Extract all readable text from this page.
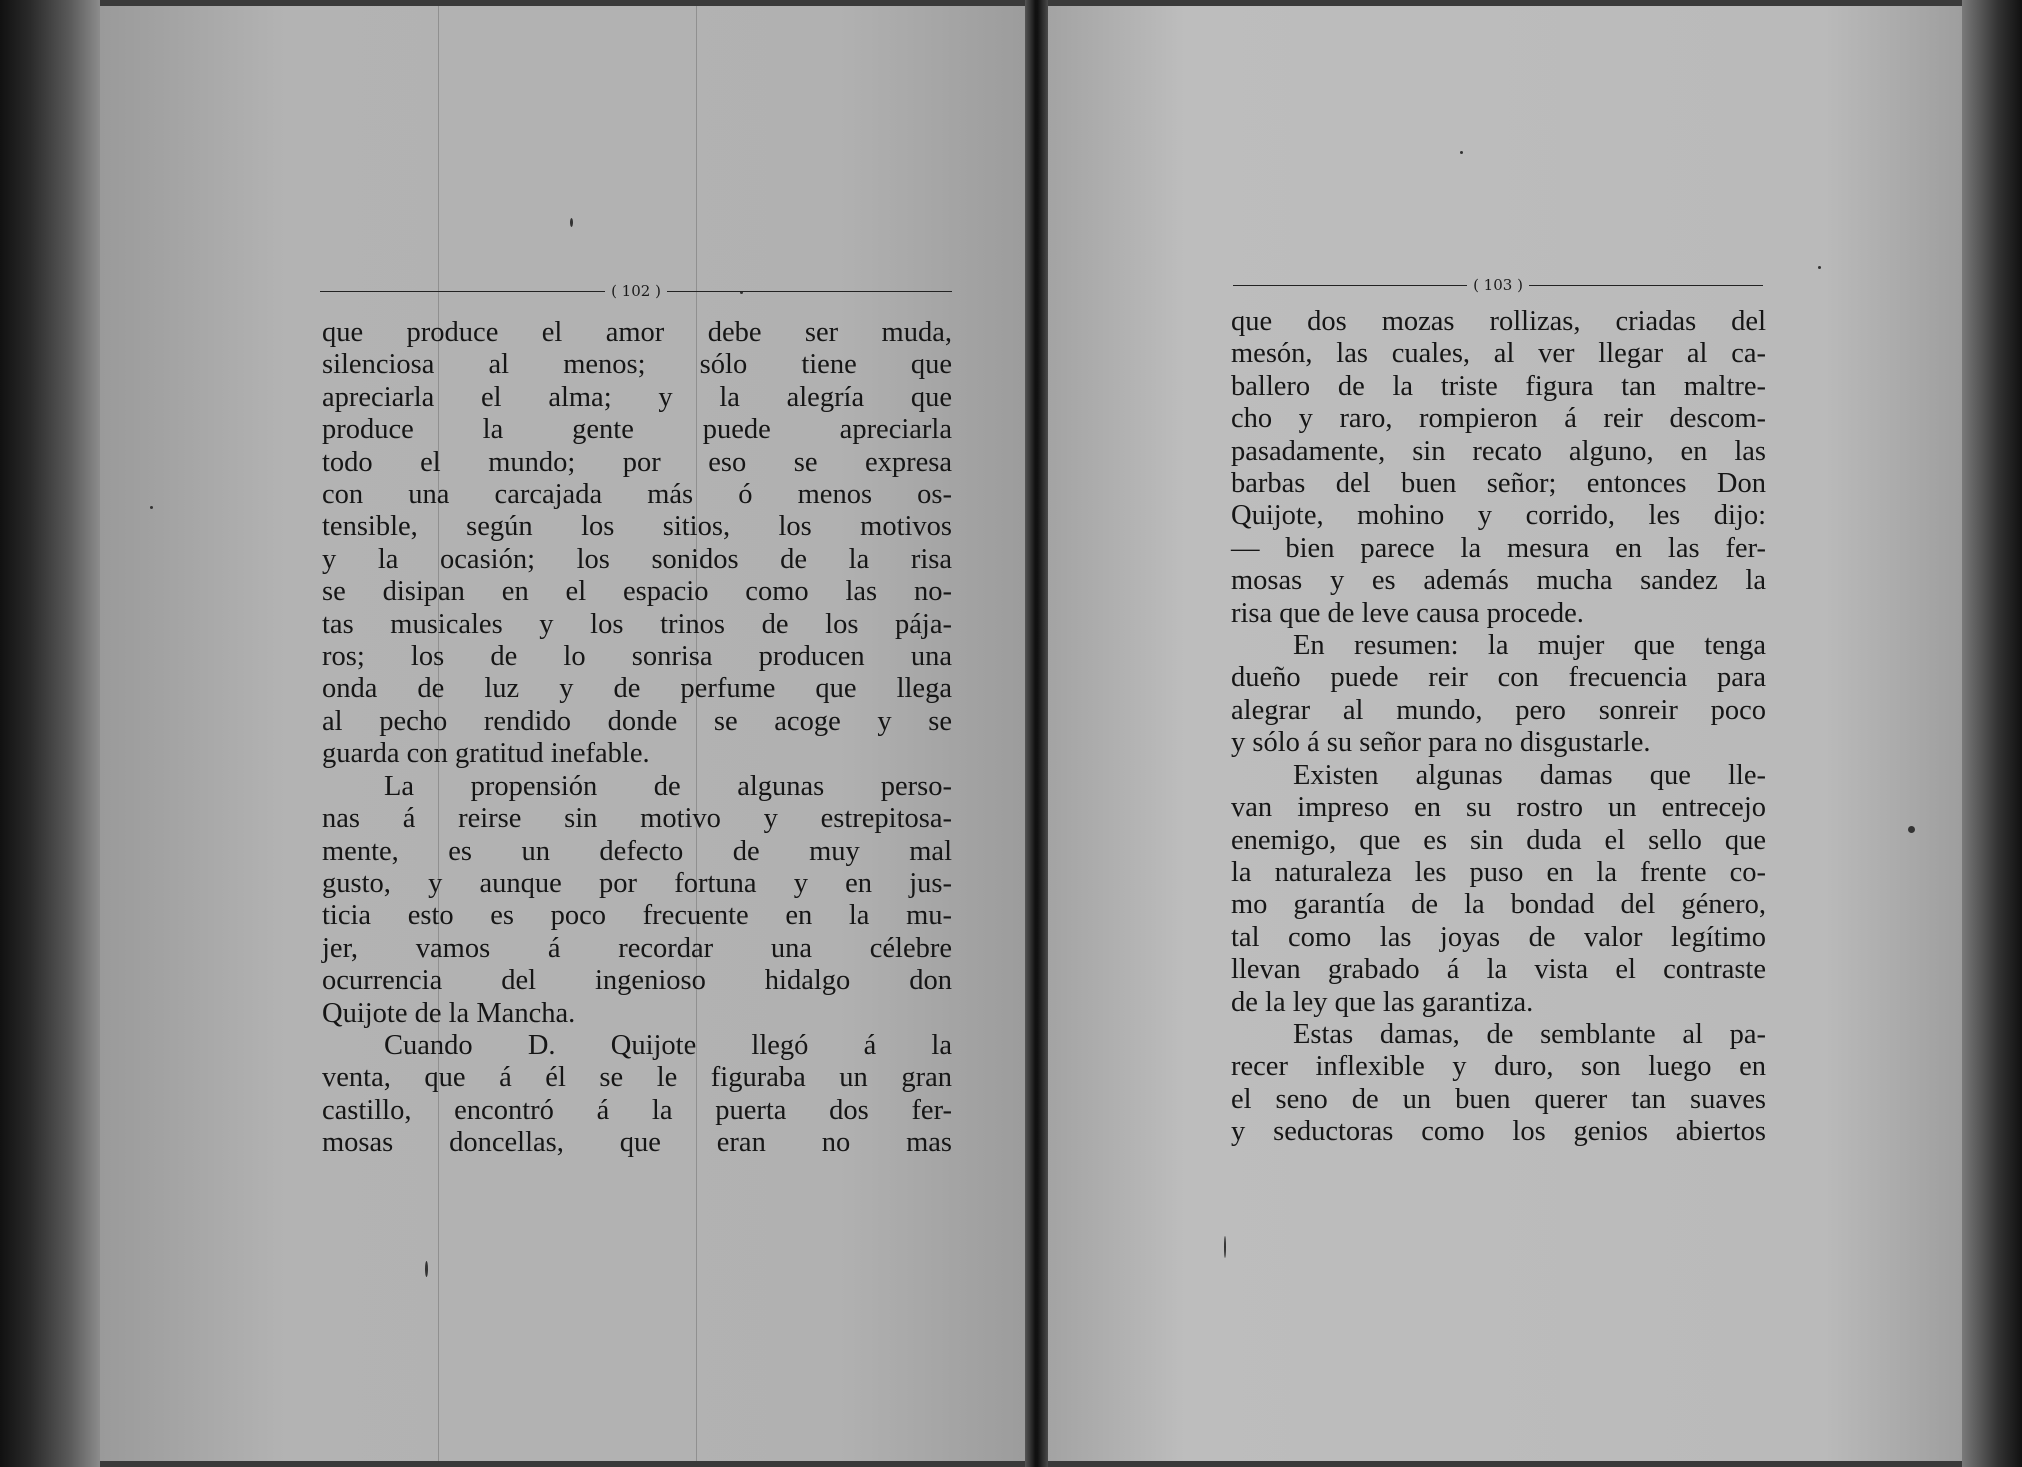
( 102 )
que produce el amor debe ser muda,
silenciosa al menos; sólo tiene que
apreciarla el alma; y la alegría que
produce la gente puede apreciarla
todo el mundo; por eso se expresa
con una carcajada más ó menos os-
tensible, según los sitios, los motivos
y la ocasión; los sonidos de la risa
se disipan en el espacio como las no-
tas musicales y los trinos de los pája-
ros; los de lo sonrisa producen una
onda de luz y de perfume que llega
al pecho rendido donde se acoge y se
guarda con gratitud inefable.
La propensión de algunas perso-
nas á reirse sin motivo y estrepitosa-
mente, es un defecto de muy mal
gusto, y aunque por fortuna y en jus-
ticia esto es poco frecuente en la mu-
jer, vamos á recordar una célebre
ocurrencia del ingenioso hidalgo don
Quijote de la Mancha.
Cuando D. Quijote llegó á la
venta, que á él se le figuraba un gran
castillo, encontró á la puerta dos fer-
mosas doncellas, que eran no mas
( 103 )
que dos mozas rollizas, criadas del
mesón, las cuales, al ver llegar al ca-
ballero de la triste figura tan maltre-
cho y raro, rompieron á reir descom-
pasadamente, sin recato alguno, en las
barbas del buen señor; entonces Don
Quijote, mohino y corrido, les dijo:
— bien parece la mesura en las fer-
mosas y es además mucha sandez la
risa que de leve causa procede.
En resumen: la mujer que tenga
dueño puede reir con frecuencia para
alegrar al mundo, pero sonreir poco
y sólo á su señor para no disgustarle.
Existen algunas damas que lle-
van impreso en su rostro un entrecejo
enemigo, que es sin duda el sello que
la naturaleza les puso en la frente co-
mo garantía de la bondad del género,
tal como las joyas de valor legítimo
llevan grabado á la vista el contraste
de la ley que las garantiza.
Estas damas, de semblante al pa-
recer inflexible y duro, son luego en
el seno de un buen querer tan suaves
y seductoras como los genios abiertos
